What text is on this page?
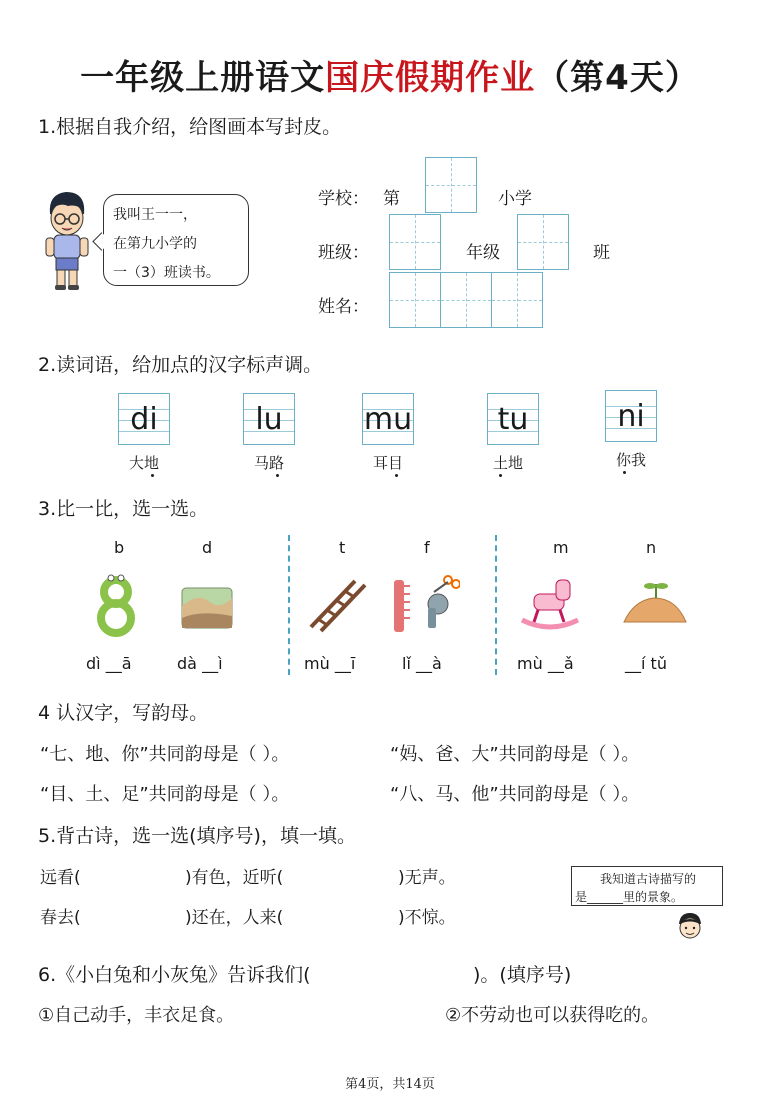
一年级上册语文国庆假期作业（第4天）
1.根据自我介绍，给图画本写封皮。
我叫王一一，
在第九小学的
一（3）班读书。
学校： 第	小学
班级：	年级	班
姓名：
2.读词语，给加点的汉字标声调。
di
大地
lu
马路
mu
耳目
tu
土地
ni
你我
3.比一比，选一选。
b	d	t	f	m	n
dì __ā	dà __ì	mù __ī	lǐ __à	mù __ǎ	__í tǔ
4 认汉字，写韵母。
“七、地、你”共同韵母是（ ）。	“妈、爸、大”共同韵母是（ ）。
“目、土、足”共同韵母是（ ）。	“八、马、他”共同韵母是（ ）。
5.背古诗，选一选(填序号)，填一填。
远看(	)有色，近听(	)无声。
春去(	)还在，人来(	)不惊。
我知道古诗描写的
是______里的景象。
6.《小白兔和小灰兔》告诉我们(	)。(填序号)
①自己动手，丰衣足食。	②不劳动也可以获得吃的。
第4页，共14页
